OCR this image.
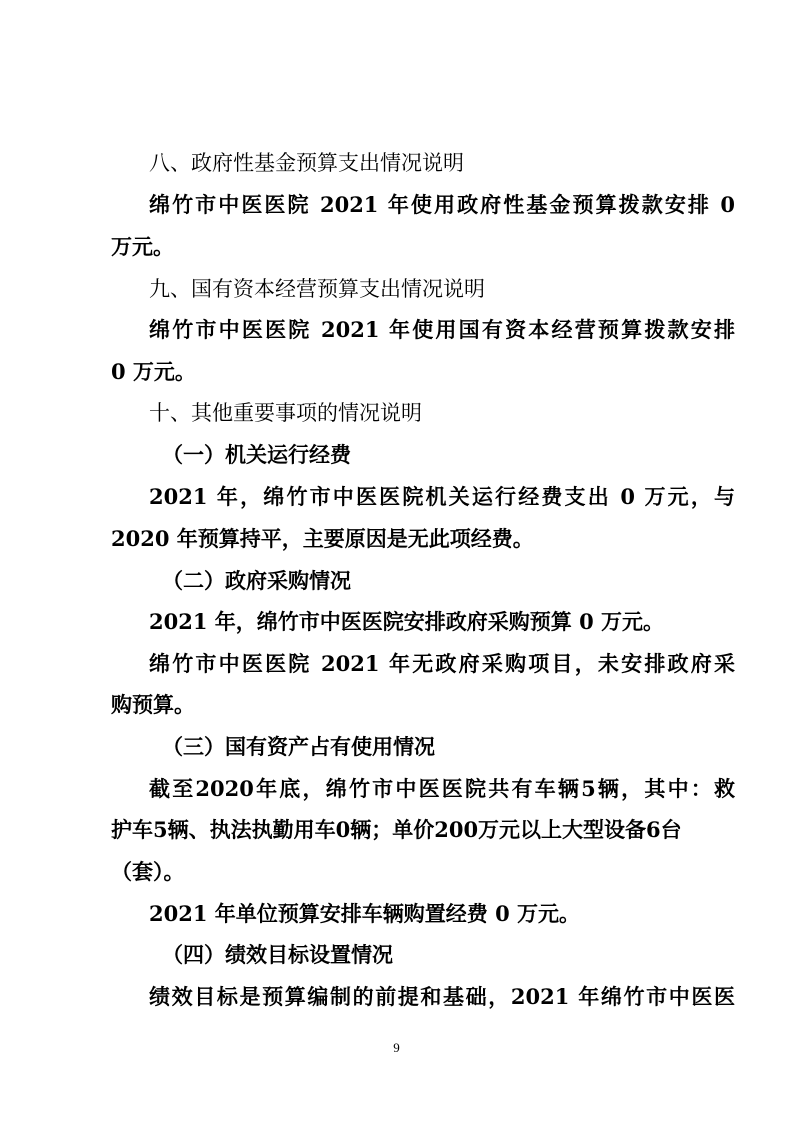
八、政府性基金预算支出情况说明
绵竹市中医医院 2021 年使用政府性基金预算拨款安排 0
万元。
九、国有资本经营预算支出情况说明
绵竹市中医医院 2021 年使用国有资本经营预算拨款安排
0 万元。
十、其他重要事项的情况说明
（一）机关运行经费
2021 年，绵竹市中医医院机关运行经费支出 0 万元，与
2020 年预算持平，主要原因是无此项经费。
（二）政府采购情况
2021 年，绵竹市中医医院安排政府采购预算 0 万元。
绵竹市中医医院 2021 年无政府采购项目，未安排政府采
购预算。
（三）国有资产占有使用情况
截至2020年底，绵竹市中医医院共有车辆5辆，其中：救
护车5辆、执法执勤用车0辆；单价200万元以上大型设备6台
（套）。
2021 年单位预算安排车辆购置经费 0 万元。
（四）绩效目标设置情况
绩效目标是预算编制的前提和基础，2021 年绵竹市中医医
9
